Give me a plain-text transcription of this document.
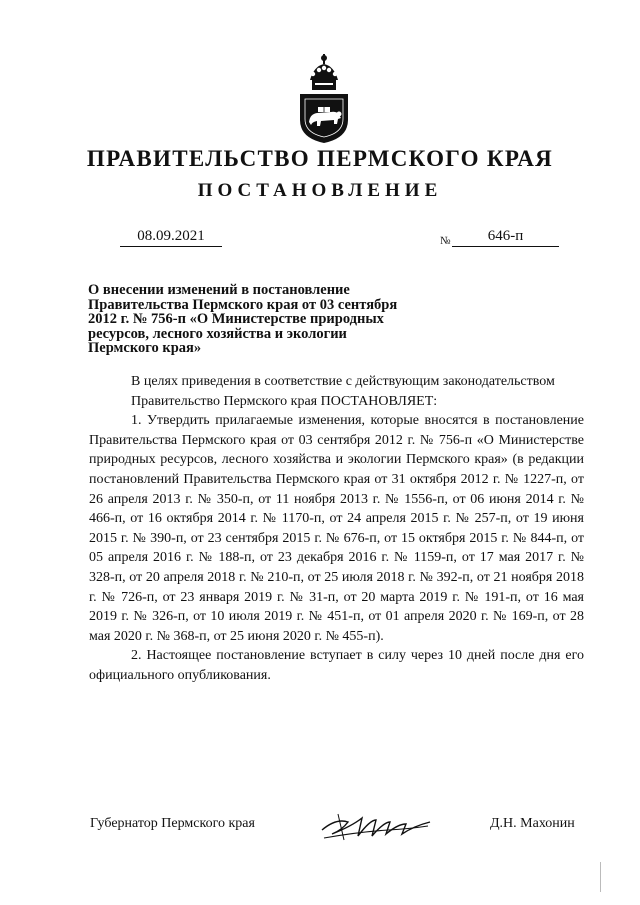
ПРАВИТЕЛЬСТВО ПЕРМСКОГО КРАЯ
ПОСТАНОВЛЕНИЕ
08.09.2021	№	646-п
О внесении изменений в постановление
Правительства Пермского края от 03 сентября
2012 г. № 756-п «О Министерстве природных
ресурсов, лесного хозяйства и экологии
Пермского края»

В целях приведения в соответствие с действующим законодательством

Правительство Пермского края ПОСТАНОВЛЯЕТ:

1. Утвердить прилагаемые изменения, которые вносятся в постановление Правительства Пермского края от 03 сентября 2012 г. № 756-п «О Министерстве природных ресурсов, лесного хозяйства и экологии Пермского края» (в редакции постановлений Правительства Пермского края от 31 октября 2012 г. № 1227-п, от 26 апреля 2013 г. № 350-п, от 11 ноября 2013 г. № 1556-п, от 06 июня 2014 г. № 466-п, от 16 октября 2014 г. № 1170-п, от 24 апреля 2015 г. № 257-п, от 19 июня 2015 г. № 390-п, от 23 сентября 2015 г. № 676-п, от 15 октября 2015 г. № 844-п, от 05 апреля 2016 г. № 188-п, от 23 декабря 2016 г. № 1159-п, от 17 мая 2017 г. № 328-п, от 20 апреля 2018 г. № 210-п, от 25 июля 2018 г. № 392-п, от 21 ноября 2018 г. № 726-п, от 23 января 2019 г. № 31-п, от 20 марта 2019 г. № 191-п, от 16 мая 2019 г. № 326-п, от 10 июля 2019 г. № 451-п, от 01 апреля 2020 г. № 169-п, от 28 мая 2020 г. № 368-п, от 25 июня 2020 г. № 455-п).

2. Настоящее постановление вступает в силу через 10 дней после дня его официального опубликования.

Губернатор Пермского края	Д.Н. Махонин
